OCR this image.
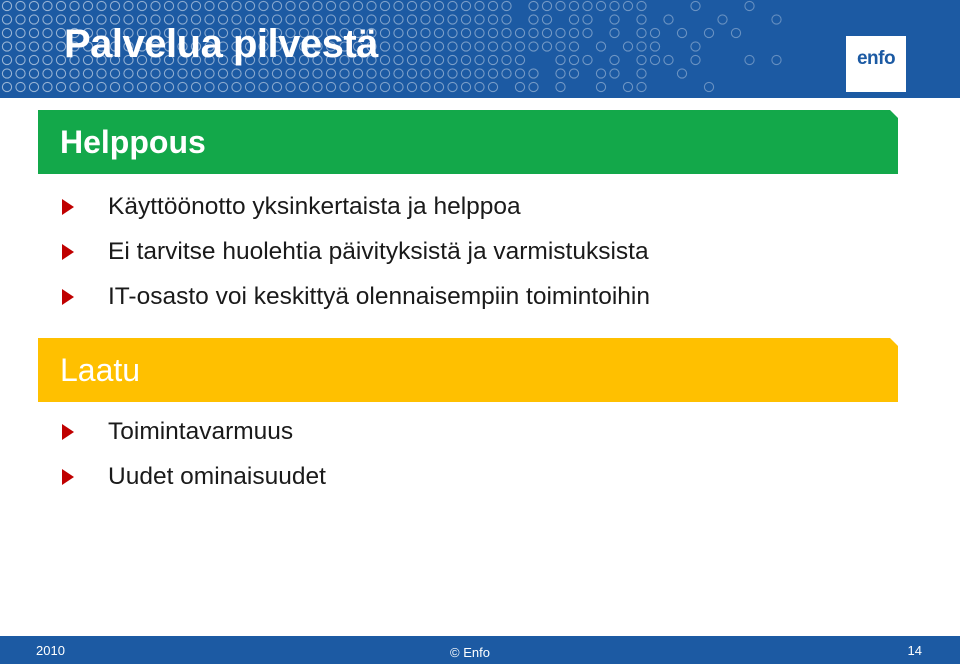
Palvelua pilvestä	enfo
Helppous
Käyttöönotto yksinkertaista ja helppoa
Ei tarvitse huolehtia päivityksistä ja varmistuksista
IT-osasto voi keskittyä olennaisempiin toimintoihin
Laatu
Toimintavarmuus
Uudet ominaisuudet
2010	© Enfo	14
